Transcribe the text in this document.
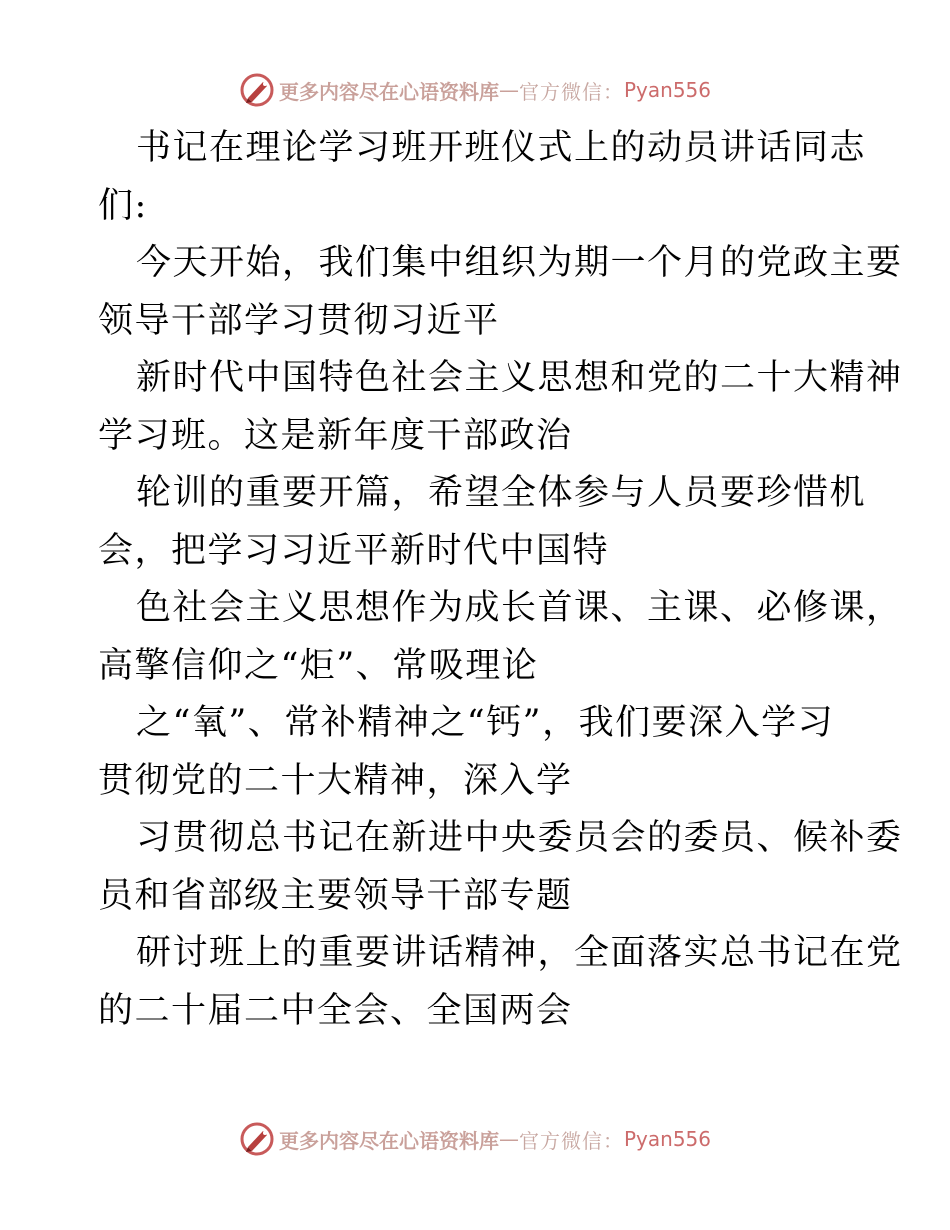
更多内容尽在心语资料库 — 官方微信： Pyan556
书记在理论学习班开班仪式上的动员讲话同志
们:
今天开始，我们集中组织为期一个月的党政主要
领导干部学习贯彻习近平
新时代中国特色社会主义思想和党的二十大精神
学习班。这是新年度干部政治
轮训的重要开篇，希望全体参与人员要珍惜机
会，把学习习近平新时代中国特
色社会主义思想作为成长首课、主课、必修课，
高擎信仰之“炬”、常吸理论
之“氧”、常补精神之“钙”，我们要深入学习
贯彻党的二十大精神，深入学
习贯彻总书记在新进中央委员会的委员、候补委
员和省部级主要领导干部专题
研讨班上的重要讲话精神，全面落实总书记在党
的二十届二中全会、全国两会
更多内容尽在心语资料库 — 官方微信： Pyan556
